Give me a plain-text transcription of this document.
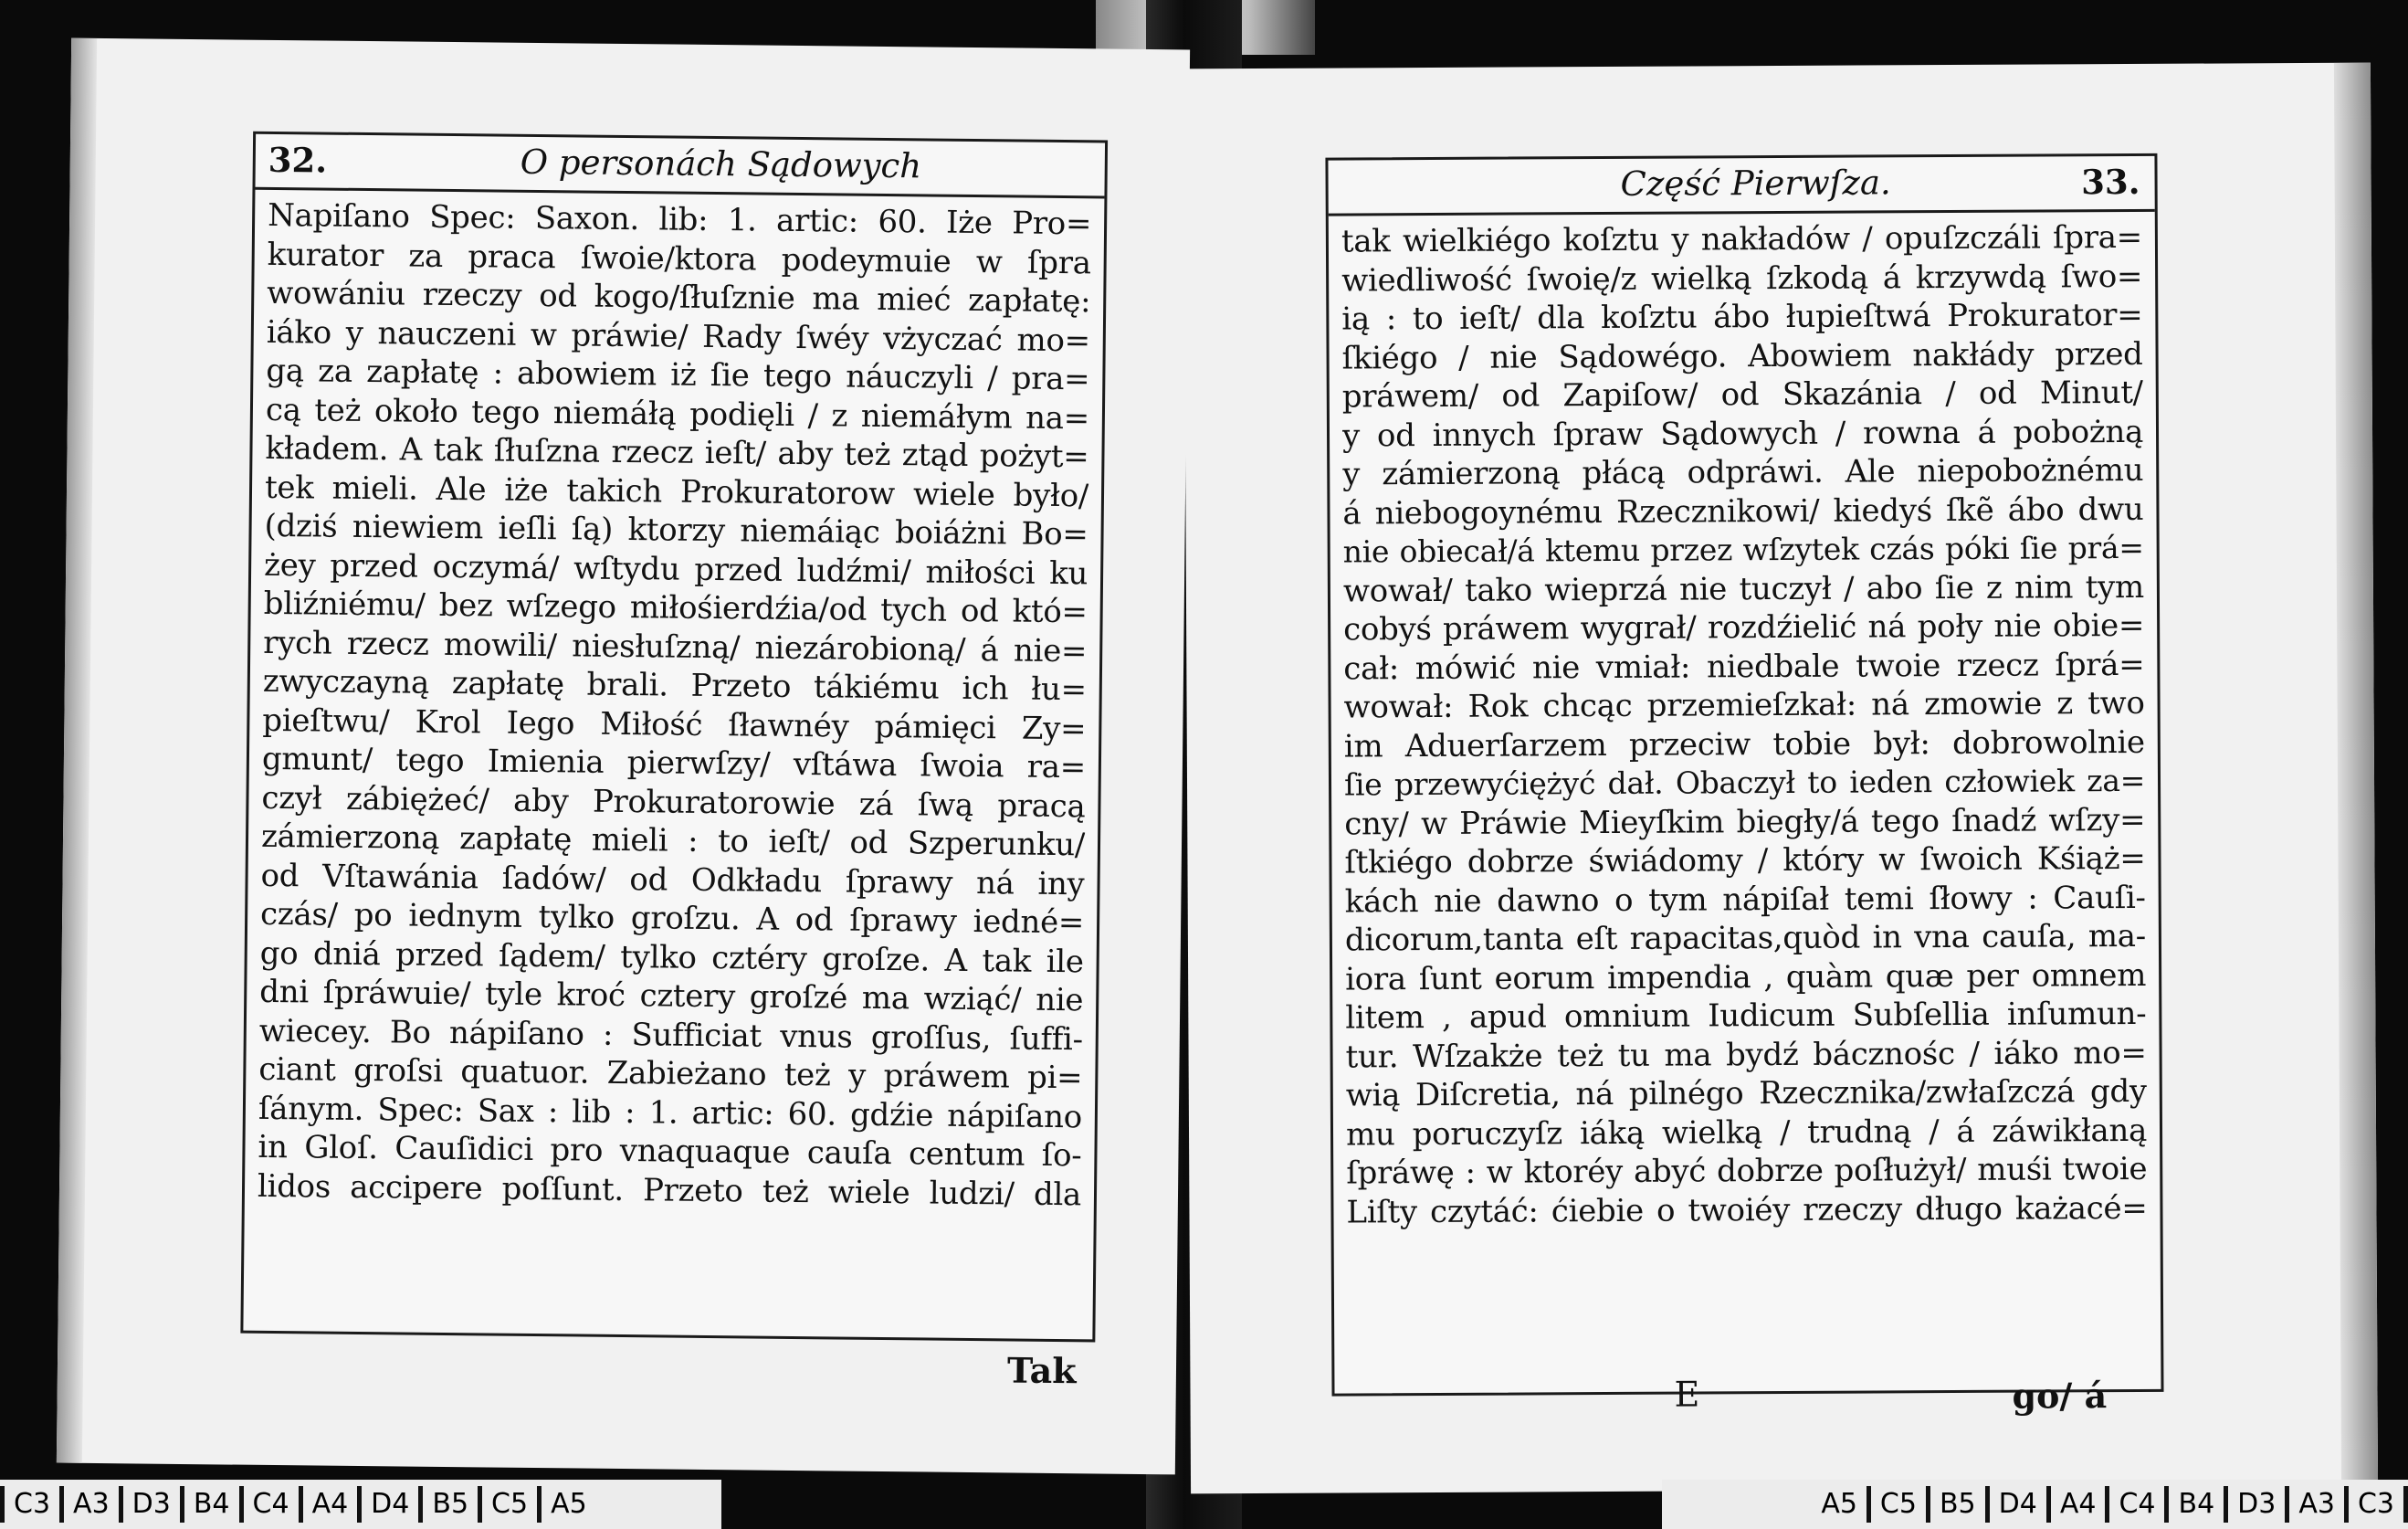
32.	O personách Sądowych
Napiſano Spec: Saxon. lib: 1. artic: 60. Iże Pro=
kurator za praca ſwoie/ktora podeymuie w ſpra
wowániu rzeczy od kogo/ſłuſznie ma mieć zapłatę:
iáko y nauczeni w práwie/ Rady ſwéy vżyczać mo=
gą za zapłatę : abowiem iż ſie tego náuczyli / pra=
cą też około tego niemáłą podięli / z niemáłym na=
kładem. A tak ſłuſzna rzecz ieſt/ aby też ztąd pożyt=
tek mieli. Ale iże takich Prokuratorow wiele było/
(dziś niewiem ieſli ſą) ktorzy niemáiąc boiáżni Bo=
żey przed oczymá/ wſtydu przed ludźmi/ miłości ku
bliźniému/ bez wſzego miłośierdźia/od tych od któ=
rych rzecz mowili/ niesłuſzną/ niezárobioną/ á nie=
zwyczayną zapłatę brali. Przeto tákiému ich łu=
pieſtwu/ Krol Iego Miłość ſławnéy pámięci Zy=
gmunt/ tego Imienia pierwſzy/ vſtáwa ſwoia ra=
czył zábiężeć/ aby Prokuratorowie zá ſwą pracą
zámierzoną zapłatę mieli : to ieſt/ od Szperunku/
od Vſtawánia ſadów/ od Odkładu ſprawy ná iny
czás/ po iednym tylko groſzu. A od ſprawy iedné=
go dniá przed ſądem/ tylko cztéry groſze. A tak ile
dni ſpráwuie/ tyle kroć cztery groſzé ma wziąć/ nie
wiecey. Bo nápiſano : Sufficiat vnus groſſus, ſuffi-
ciant groſsi quatuor. Zabieżano też y práwem pi=
ſánym. Spec: Sax : lib : 1. artic: 60. gdźie nápiſano
in Gloſ. Cauſidici pro vnaquaque cauſa centum ſo-
lidos accipere poſſunt. Przeto też wiele ludzi/ dla
Tak
Część Pierwſza.	33.
tak wielkiégo koſztu y nakładów / opuſzczáli ſpra=
wiedliwość ſwoię/z wielką ſzkodą á krzywdą ſwo=
ią : to ieſt/ dla koſztu ábo łupieſtwá Prokurator=
ſkiégo / nie Sądowégo. Abowiem nakłády przed
práwem/ od Zapiſow/ od Skazánia / od Minut/
y od innych ſpraw Sądowych / rowna á pobożną
y zámierzoną płácą odpráwi. Ale niepobożnému
á niebogoynému Rzecznikowi/ kiedyś ſkẽ ábo dwu
nie obiecał/á ktemu przez wſzytek czás póki ſie prá=
wował/ tako wieprzá nie tuczył / abo ſie z nim tym
cobyś práwem wygrał/ rozdźielić ná poły nie obie=
cał: mówić nie vmiał: niedbale twoie rzecz ſprá=
wował: Rok chcąc przemieſzkał: ná zmowie z two
im Aduerſarzem przeciw tobie był: dobrowolnie
ſie przewyćiężyć dał. Obaczył to ieden człowiek za=
cny/ w Práwie Mieyſkim biegły/á tego ſnadź wſzy=
ſtkiégo dobrze świádomy / który w ſwoich Kśiąż=
kách nie dawno o tym nápiſał temi ſłowy : Cauſi-
dicorum,tanta eſt rapacitas,quòd in vna cauſa, ma-
iora ſunt eorum impendia , quàm quæ per omnem
litem , apud omnium Iudicum Subſellia inſumun-
tur. Wſzakże też tu ma bydź bácznośc / iáko mo=
wią Diſcretia, ná pilnégo Rzecznika/zwłaſzczá gdy
mu poruczyſz iáką wielką / trudną / á záwikłaną
ſpráwę : w ktoréy abyć dobrze poſłużył/ muśi twoie
Liſty czytáć: ćiebie o twoiéy rzeczy długo każacé=
E	go/ á
C3 A3 D3 B4 C4 A4 D4 B5 C5 A5	A5 C5 B5 D4 A4 C4 B4 D3 A3 C3
